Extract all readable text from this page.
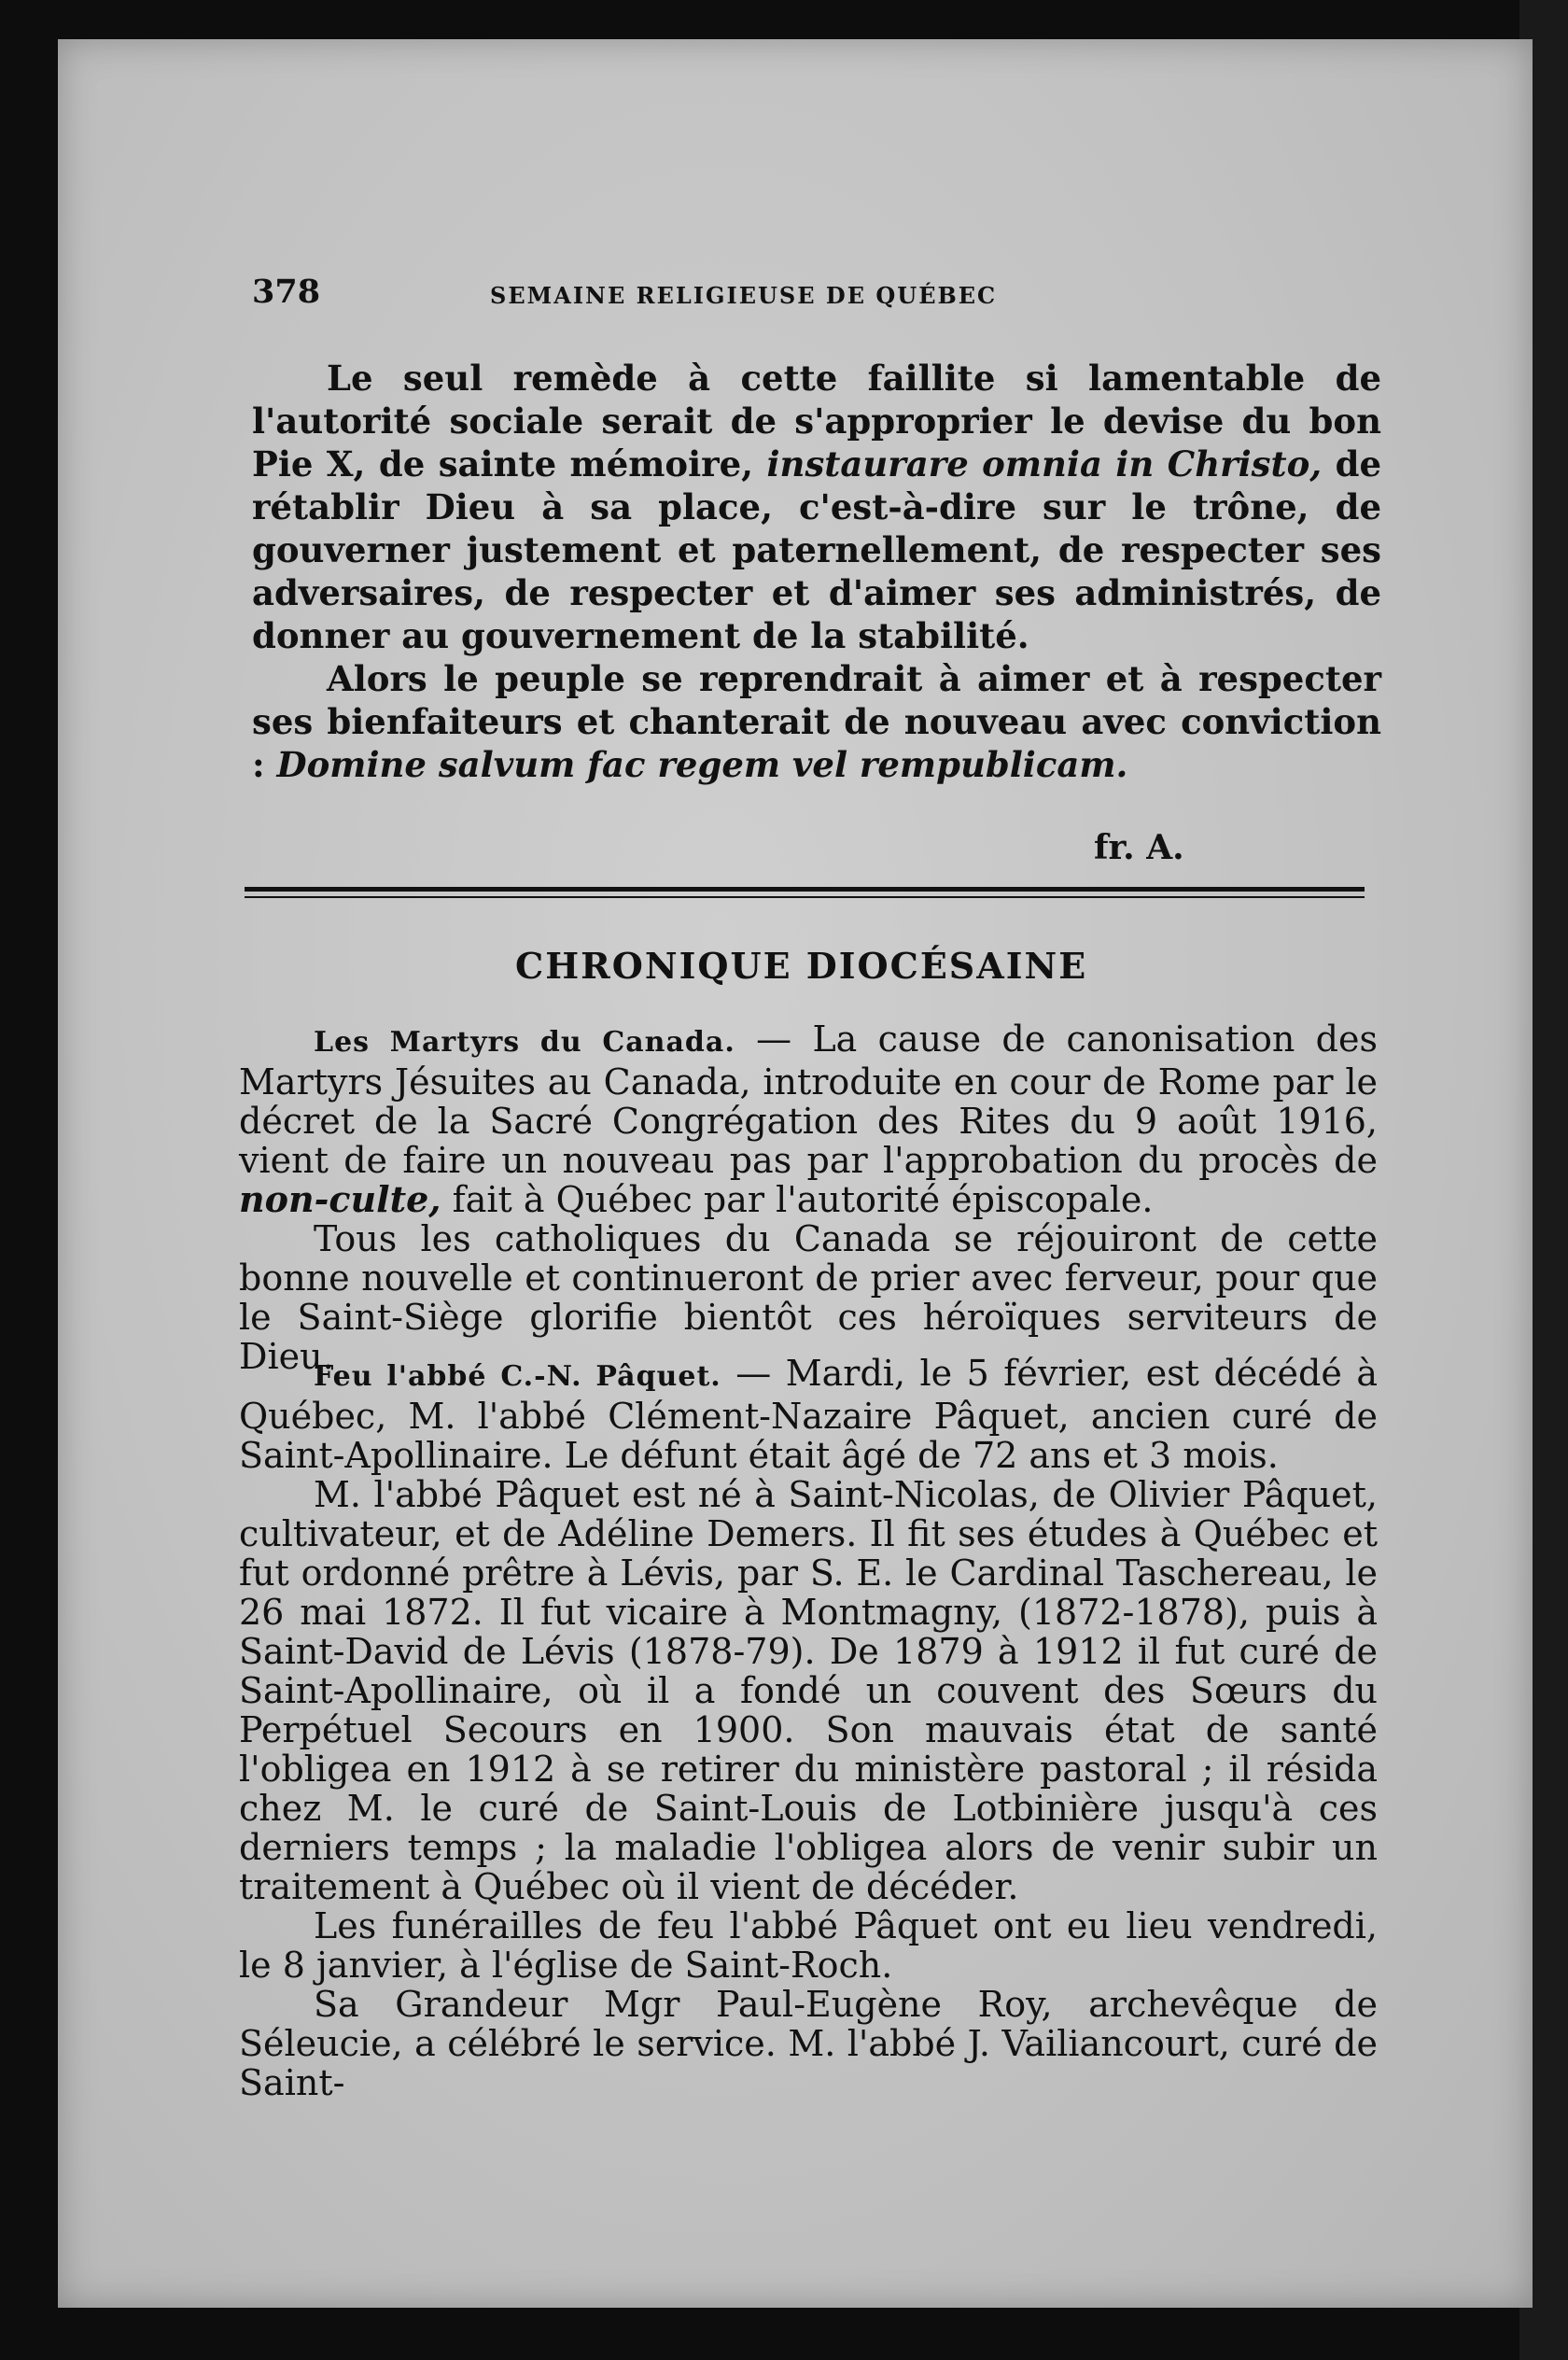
378	SEMAINE RELIGIEUSE DE QUÉBEC

Le seul remède à cette faillite si lamentable de l'autorité sociale serait de s'approprier le devise du bon Pie X, de sainte mémoire, instaurare omnia in Christo, de rétablir Dieu à sa place, c'est-à-dire sur le trône, de gouverner justement et paternellement, de respecter ses adversaires, de respecter et d'aimer ses administrés, de donner au gouvernement de la stabilité.

Alors le peuple se reprendrait à aimer et à respecter ses bienfaiteurs et chanterait de nouveau avec conviction : Domine salvum fac regem vel rempublicam.

fr. A.
CHRONIQUE DIOCÉSAINE

Les Martyrs du Canada. — La cause de canonisation des Martyrs Jésuites au Canada, introduite en cour de Rome par le décret de la Sacré Congrégation des Rites du 9 août 1916, vient de faire un nouveau pas par l'approbation du procès de non-culte, fait à Québec par l'autorité épiscopale.

Tous les catholiques du Canada se réjouiront de cette bonne nouvelle et continueront de prier avec ferveur, pour que le Saint-Siège glorifie bientôt ces héroïques serviteurs de Dieu.

Feu l'abbé C.-N. Pâquet. — Mardi, le 5 février, est décédé à Québec, M. l'abbé Clément-Nazaire Pâquet, ancien curé de Saint-Apollinaire. Le défunt était âgé de 72 ans et 3 mois.

M. l'abbé Pâquet est né à Saint-Nicolas, de Olivier Pâquet, cultivateur, et de Adéline Demers. Il fit ses études à Québec et fut ordonné prêtre à Lévis, par S. E. le Cardinal Taschereau, le 26 mai 1872. Il fut vicaire à Montmagny, (1872-1878), puis à Saint-David de Lévis (1878-79). De 1879 à 1912 il fut curé de Saint-Apollinaire, où il a fondé un couvent des Sœurs du Perpétuel Secours en 1900. Son mauvais état de santé l'obligea en 1912 à se retirer du ministère pastoral ; il résida chez M. le curé de Saint-Louis de Lotbinière jusqu'à ces derniers temps ; la maladie l'obligea alors de venir subir un traitement à Québec où il vient de décéder.

Les funérailles de feu l'abbé Pâquet ont eu lieu vendredi, le 8 janvier, à l'église de Saint-Roch.

Sa Grandeur Mgr Paul-Eugène Roy, archevêque de Séleucie, a célébré le service. M. l'abbé J. Vailiancourt, curé de Saint-
